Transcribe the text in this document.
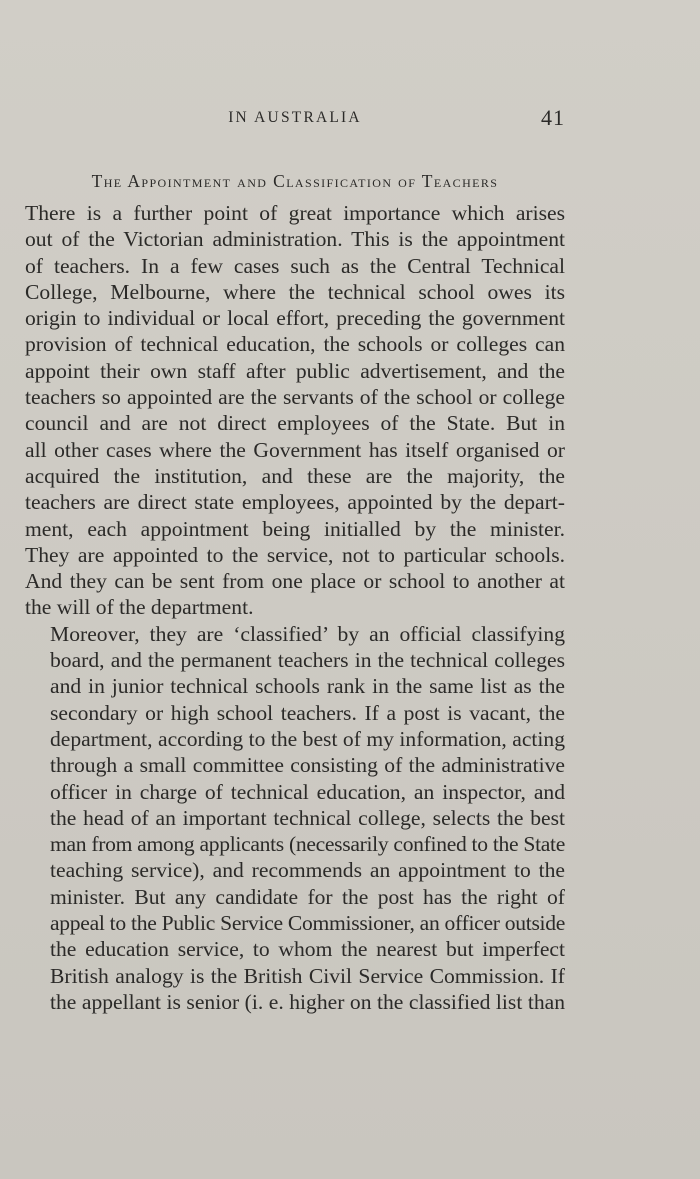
IN AUSTRALIA	41
The Appointment and Classification of Teachers

There is a further point of great importance which arises
out of the Victorian administration. This is the appointment
of teachers. In a few cases such as the Central Technical
College, Melbourne, where the technical school owes its
origin to individual or local effort, preceding the government
provision of technical education, the schools or colleges can
appoint their own staff after public advertisement, and the
teachers so appointed are the servants of the school or college
council and are not direct employees of the State. But in
all other cases where the Government has itself organised or
acquired the institution, and these are the majority, the
teachers are direct state employees, appointed by the depart-
ment, each appointment being initialled by the minister.
They are appointed to the service, not to particular schools.
And they can be sent from one place or school to another at
the will of the department.

Moreover, they are ‘classified’ by an official classifying
board, and the permanent teachers in the technical colleges
and in junior technical schools rank in the same list as the
secondary or high school teachers. If a post is vacant, the
department, according to the best of my information, acting
through a small committee consisting of the administrative
officer in charge of technical education, an inspector, and
the head of an important technical college, selects the best
man from among applicants (necessarily confined to the State
teaching service), and recommends an appointment to the
minister. But any candidate for the post has the right of
appeal to the Public Service Commissioner, an officer outside
the education service, to whom the nearest but imperfect
British analogy is the British Civil Service Commission. If
the appellant is senior (i. e. higher on the classified list than
